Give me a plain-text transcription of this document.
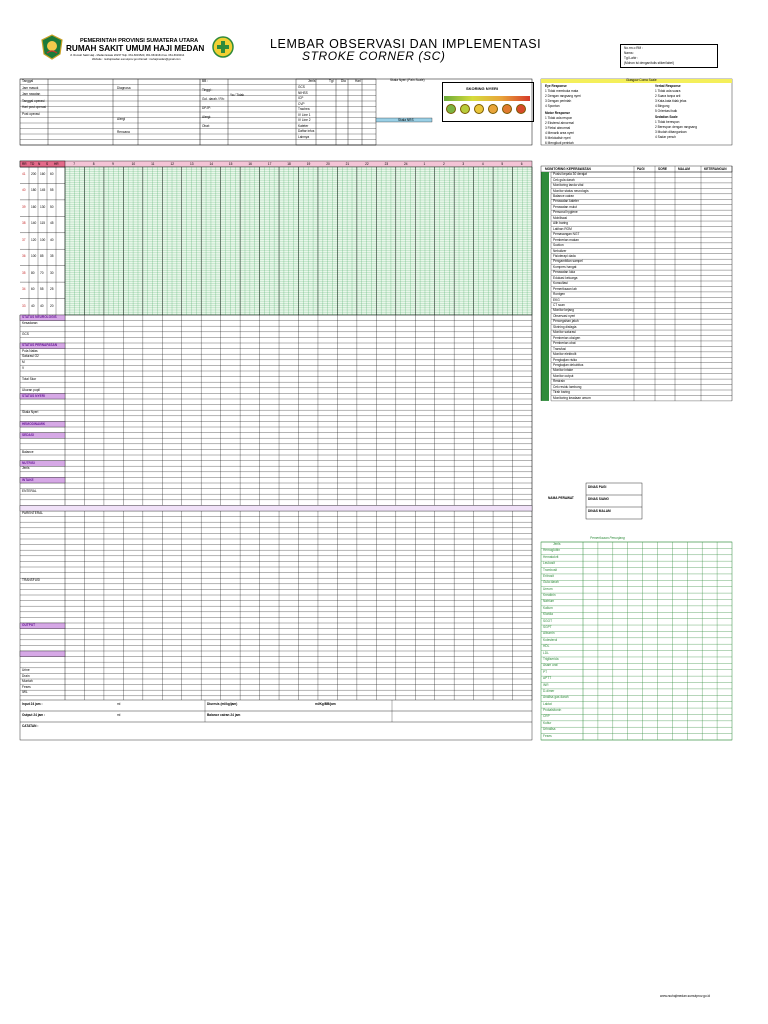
PEMERINTAH PROVINSI SUMATERA UTARA
RUMAH SAKIT UMUM HAJI MEDAN
Jl. Rumah Sakit Haji - Medan Estate 20237 Telp. 061-6619520, 061-6619161 Fax. 061-6619014
Website : rsuhajimedan.sumutprov.go.id Email : rsuhajimedan@gmail.com
LEMBAR OBSERVASI DAN IMPLEMENTASI
STROKE CORNER (SC)
No.rm.o RM :
Nama :
Tgl Lahir :
(Mohon isi dengan/tulis stiker/label)
Tanggal
Jam masuk
Jam rawatan
Tanggal operasi
Hari post operasi
Post operasi
Diagnosa
Alergi
Rencana
BB :
Tinggi :
Gol. darah / Rh:
DPJP:
Alergi:
Obat:
Ya / Tidak
Jenis	Tgl Dia	Hari
GCS
NIHSS
ICP
CVP
Trachea
IV Line 1
IV Line 2
Kateter
Daftar infus
Lainnya
Skala Nyeri (Pain Scale)
SKORING NYERI
Skala NRS
Glasgow Coma Scale
Eye Response
1 Tidak membuka mata
2 Dengan rangsang nyeri
3 Dengan perintah
4 Spontan
Motor Response
1 Tidak ada respon
2 Ekstensi abnormal
3 Fleksi abnormal
4 Menarik area nyeri
5 Melokalisir nyeri
6 Mengikuti perintah
Verbal Response
1 Tidak ada suara
2 Suara tanpa arti
3 Kata-kata tidak jelas
4 Bingung
5 Orientasi baik
Sedation Scale
1 Tidak berespon
2 Berespon dengan rangsang
3 Mudah dibangunkan
4 Sadar penuh
RR TD N S HR	7	8	9	10	11	12	13	14	15	16	17	18	19	20	21	22	23	24	1	2	3	4	5	6
41 200 160 60
40 180 145 55
39 160 130 50
38 140 115 45
37 120 100 40
36 100 85 35
35 80 70 30
34 60 55 25
33 40 40 20
STATUS NEUROLOGIS
Kesadaran
GCS
STATUS PERNAFASAN
Pola Nafas
Saturasi O2
M
V
Total Skor
Ukuran pupil
STATUS NYERI
Skala Nyeri
HEMODINAMIK
SEDASI
Balance
NUTRISI
Jenis
INTAKE
ENTERAL
PARENTERAL
TRANSFUSI
OUTPUT
Urine
Drain
Muntah
Feses
IWL
Input 24 jam :
Output 24 jam :
ml
ml
Diuresis (ml/kg/jam)
Balance cairan 24 jam
ml/Kg/BB/jam
CATATAN :
MONITORING KEPERAWATAN	PAGI	SORE	MALAM	KETERANGAN
Posisi kepala 30 derajat
Cek gula darah
Monitoring tanda vital
Monitor status neurologis
Balance cairan
Perawatan kateter
Perawatan mulut
Personal hygiene
Mobilisasi
Alih baring
Latihan ROM
Pemasangan NGT
Pemberian makan
Suction
Nebulizer
Fisioterapi dada
Pengambilan sampel
Kompres hangat
Perawatan luka
Edukasi keluarga
Konsultasi
Pemeriksaan lab
Rontgen
EKG
CT scan
Monitor kejang
Observasi nyeri
Pencegahan jatuh
Skrining disfagia
Monitor saturasi
Pemberian oksigen
Pemberian obat
Transfusi
Monitor elektrolit
Pengkajian risiko
Pengkajian dekubitus
Monitor intake
Monitor output
Restrain
Cek residu lambung
Tirah baring
Monitoring keadaan umum
NAMA PERAWAT
DINAS PAGI
DINAS SIANG
DINAS MALAM
Pemeriksaan Penunjang
Jenis
Hemoglobin
Hematokrit
Leukosit
Trombosit
Eritrosit
Gula darah
Ureum
Kreatinin
Natrium
Kalium
Klorida
SGOT
SGPT
Albumin
Kolesterol
HDL
LDL
Trigliserida
Asam urat
PT
APTT
INR
D-dimer
Analisa gas darah
Laktat
Prokalsitonin
CRP
Kultur
Urinalisa
Feses
www.rsuhajimedan.sumutprov.go.id
